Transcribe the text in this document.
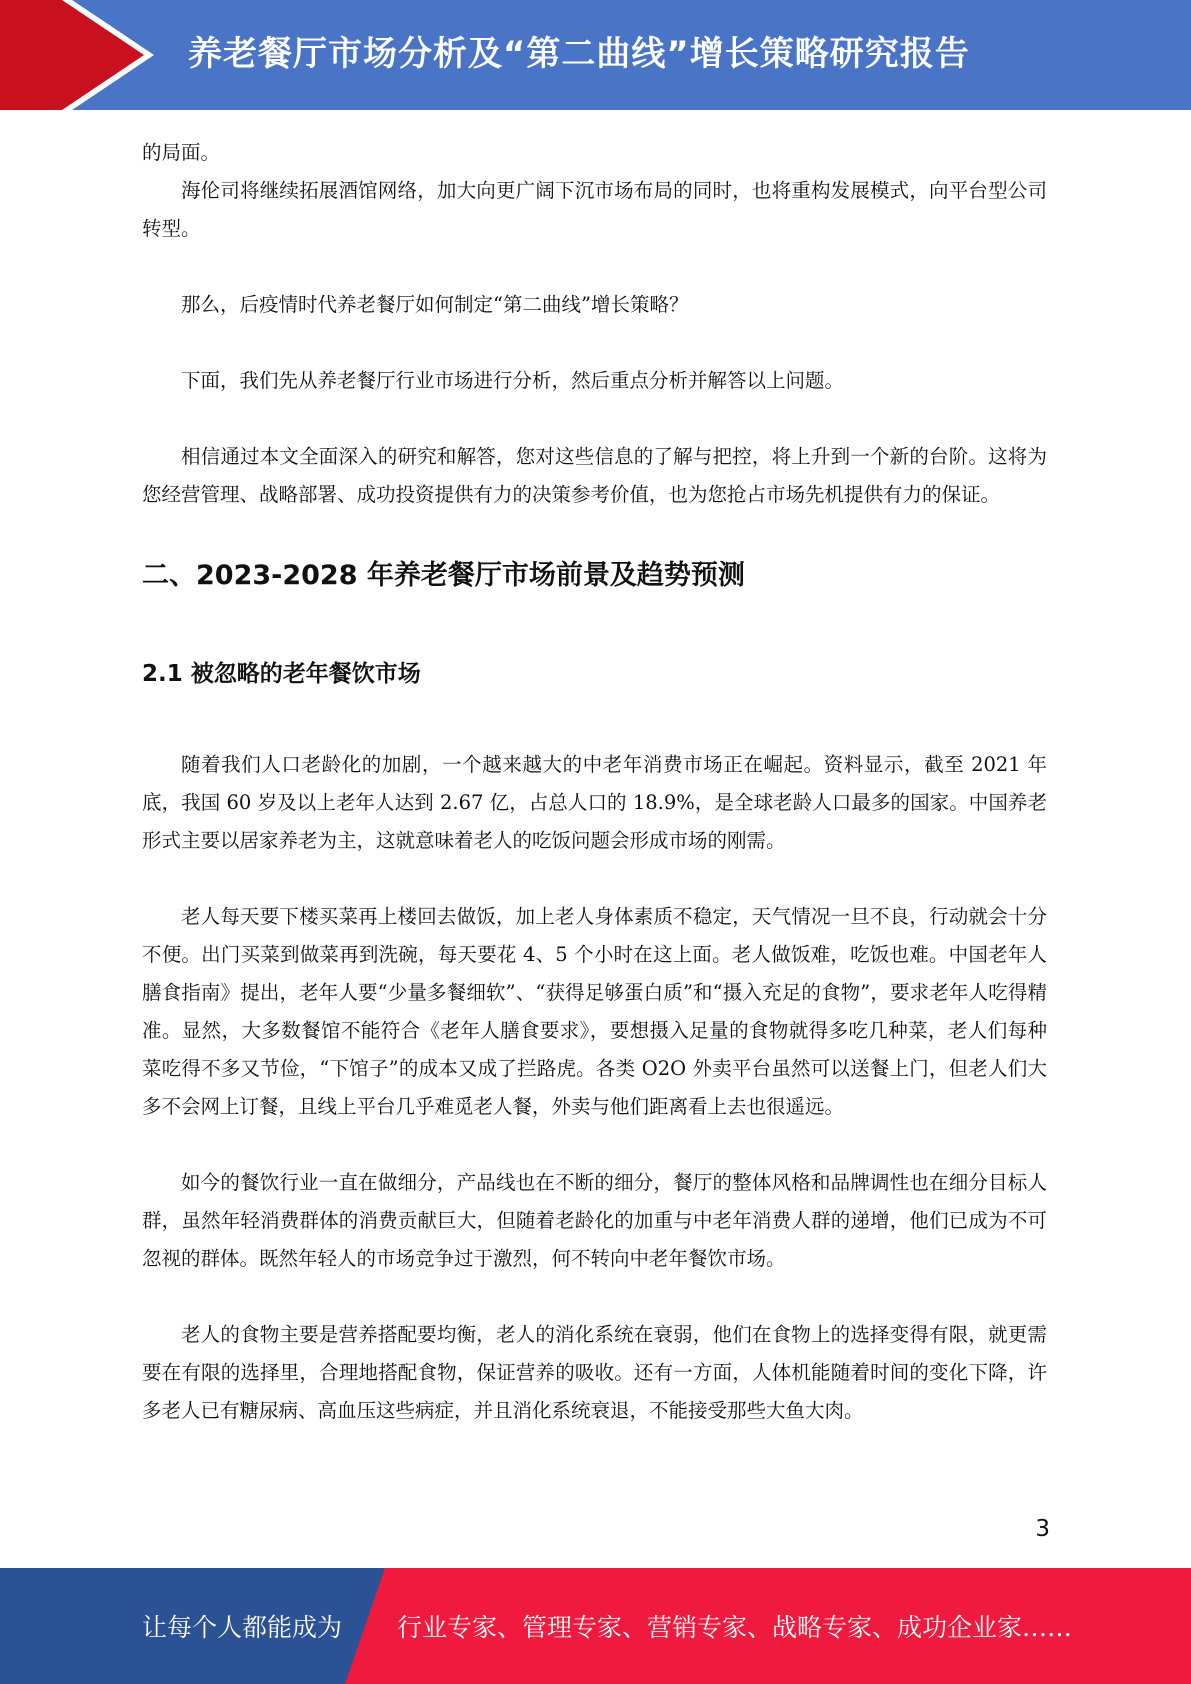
养老餐厅市场分析及“第二曲线”增长策略研究报告

的局面。

海伦司将继续拓展酒馆网络，加大向更广阔下沉市场布局的同时，也将重构发展模式，向平台型公司转型。

那么，后疫情时代养老餐厅如何制定“第二曲线”增长策略？

下面，我们先从养老餐厅行业市场进行分析，然后重点分析并解答以上问题。

相信通过本文全面深入的研究和解答，您对这些信息的了解与把控，将上升到一个新的台阶。这将为您经营管理、战略部署、成功投资提供有力的决策参考价值，也为您抢占市场先机提供有力的保证。

二、2023-2028 年养老餐厅市场前景及趋势预测
2.1 被忽略的老年餐饮市场

随着我们人口老龄化的加剧，一个越来越大的中老年消费市场正在崛起。资料显示，截至 2021 年底，我国 60 岁及以上老年人达到 2.67 亿，占总人口的 18.9%，是全球老龄人口最多的国家。中国养老形式主要以居家养老为主，这就意味着老人的吃饭问题会形成市场的刚需。

老人每天要下楼买菜再上楼回去做饭，加上老人身体素质不稳定，天气情况一旦不良，行动就会十分不便。出门买菜到做菜再到洗碗，每天要花 4、5 个小时在这上面。老人做饭难，吃饭也难。中国老年人膳食指南》提出，老年人要“少量多餐细软”、“获得足够蛋白质”和“摄入充足的食物”，要求老年人吃得精准。显然，大多数餐馆不能符合《老年人膳食要求》，要想摄入足量的食物就得多吃几种菜，老人们每种菜吃得不多又节俭，“下馆子”的成本又成了拦路虎。各类 O2O 外卖平台虽然可以送餐上门，但老人们大多不会网上订餐，且线上平台几乎难觅老人餐，外卖与他们距离看上去也很遥远。

如今的餐饮行业一直在做细分，产品线也在不断的细分，餐厅的整体风格和品牌调性也在细分目标人群，虽然年轻消费群体的消费贡献巨大，但随着老龄化的加重与中老年消费人群的递增，他们已成为不可忽视的群体。既然年轻人的市场竞争过于激烈，何不转向中老年餐饮市场。

老人的食物主要是营养搭配要均衡，老人的消化系统在衰弱，他们在食物上的选择变得有限，就更需要在有限的选择里，合理地搭配食物，保证营养的吸收。还有一方面，人体机能随着时间的变化下降，许多老人已有糖尿病、高血压这些病症，并且消化系统衰退，不能接受那些大鱼大肉。

3
让每个人都能成为 行业专家、管理专家、营销专家、战略专家、成功企业家……
